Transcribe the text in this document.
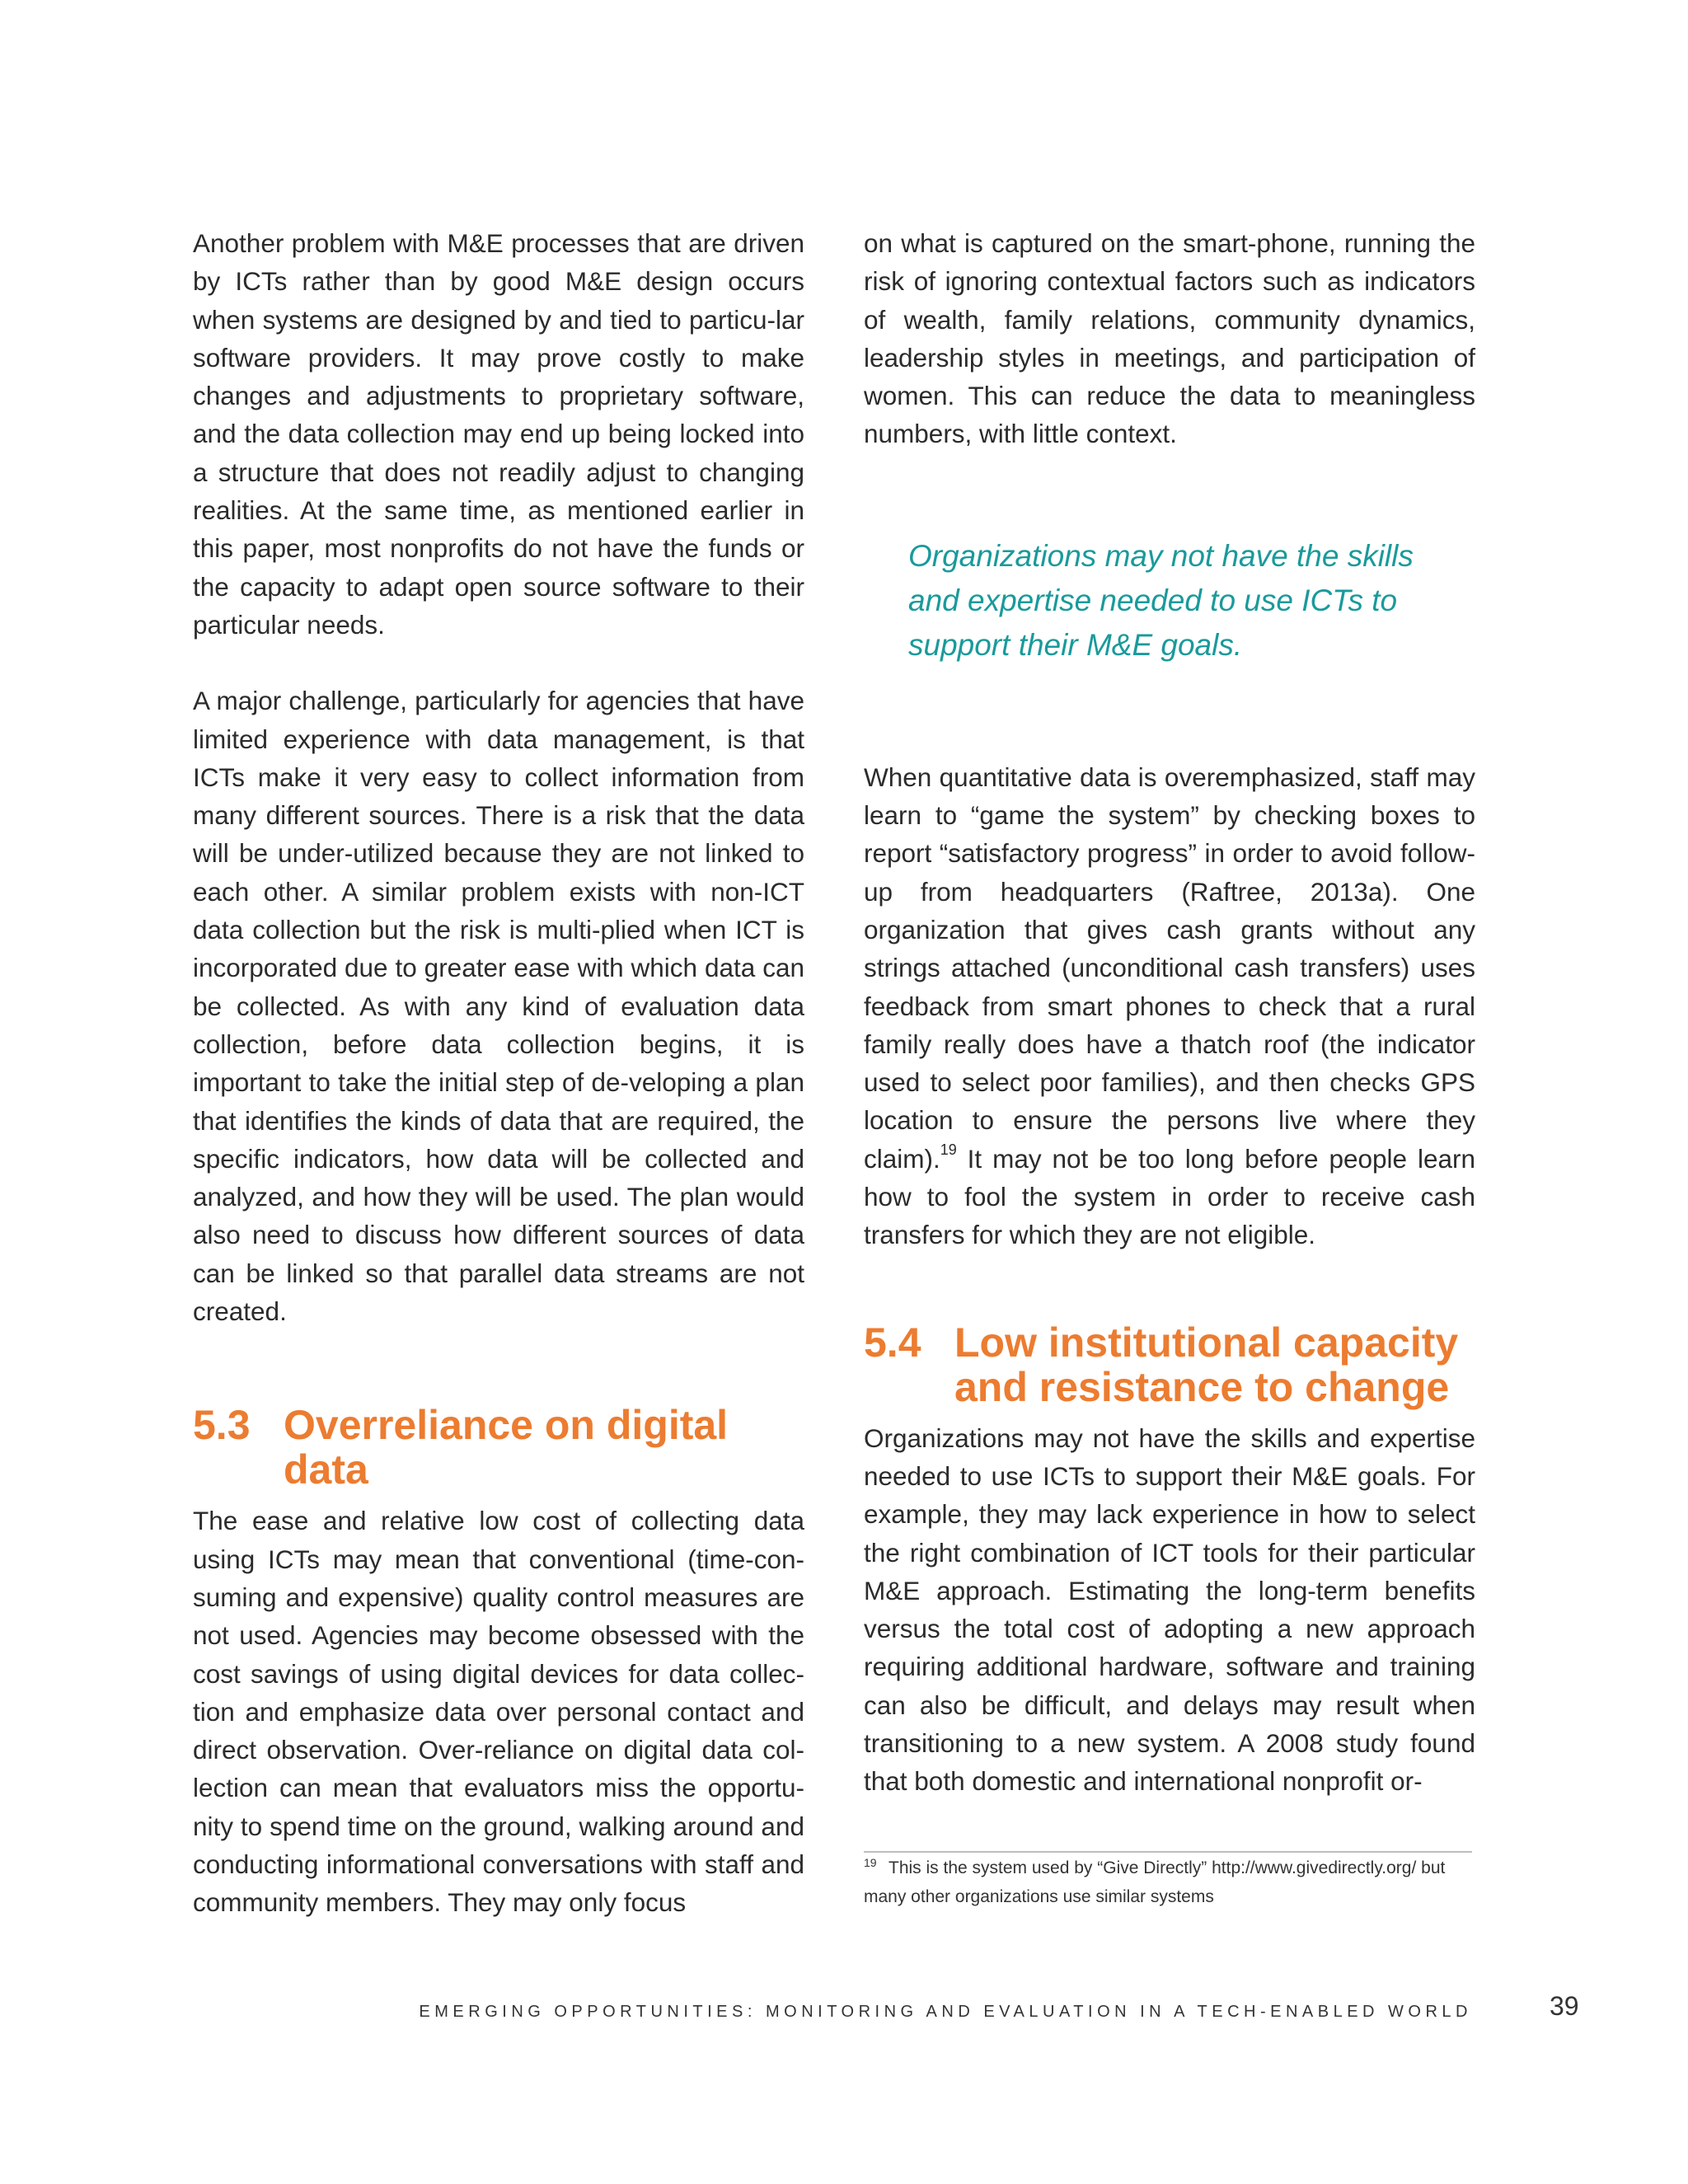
Another problem with M&E processes that are driven by ICTs rather than by good M&E design occurs when systems are designed by and tied to particu-lar software providers. It may prove costly to make changes and adjustments to proprietary software, and the data collection may end up being locked into a structure that does not readily adjust to changing realities. At the same time, as mentioned earlier in this paper, most nonprofits do not have the funds or the capacity to adapt open source software to their particular needs.

A major challenge, particularly for agencies that have limited experience with data management, is that ICTs make it very easy to collect information from many different sources. There is a risk that the data will be under-utilized because they are not linked to each other. A similar problem exists with non-ICT data collection but the risk is multi-plied when ICT is incorporated due to greater ease with which data can be collected. As with any kind of evaluation data collection, before data collection begins, it is important to take the initial step of de-veloping a plan that identifies the kinds of data that are required, the specific indicators, how data will be collected and analyzed, and how they will be used. The plan would also need to discuss how different sources of data can be linked so that parallel data streams are not created.

5.3 Overreliance on digital data

The ease and relative low cost of collecting data using ICTs may mean that conventional (time-con-suming and expensive) quality control measures are not used. Agencies may become obsessed with the cost savings of using digital devices for data collec-tion and emphasize data over personal contact and direct observation. Over-reliance on digital data col-lection can mean that evaluators miss the opportu-nity to spend time on the ground, walking around and conducting informational conversations with staff and community members. They may only focus

on what is captured on the smart-phone, running the risk of ignoring contextual factors such as indicators of wealth, family relations, community dynamics, leadership styles in meetings, and participation of women. This can reduce the data to meaningless numbers, with little context.

Organizations may not have the skills and expertise needed to use ICTs to support their M&E goals.

When quantitative data is overemphasized, staff may learn to “game the system” by checking boxes to report “satisfactory progress” in order to avoid follow-up from headquarters (Raftree, 2013a). One organization that gives cash grants without any strings attached (unconditional cash transfers) uses feedback from smart phones to check that a rural family really does have a thatch roof (the indicator used to select poor families), and then checks GPS location to ensure the persons live where they claim).$^{19}$ It may not be too long before people learn how to fool the system in order to receive cash transfers for which they are not eligible.

5.4 Low institutional capacity and resistance to change

Organizations may not have the skills and expertise needed to use ICTs to support their M&E goals. For example, they may lack experience in how to select the right combination of ICT tools for their particular M&E approach. Estimating the long-term benefits versus the total cost of adopting a new approach requiring additional hardware, software and training can also be difficult, and delays may result when transitioning to a new system. A 2008 study found that both domestic and international nonprofit or-

19 This is the system used by “Give Directly” http://www.givedirectly.org/ but many other organizations use similar systems
EMERGING OPPORTUNITIES: MONITORING AND EVALUATION IN A TECH-ENABLED WORLD	39
